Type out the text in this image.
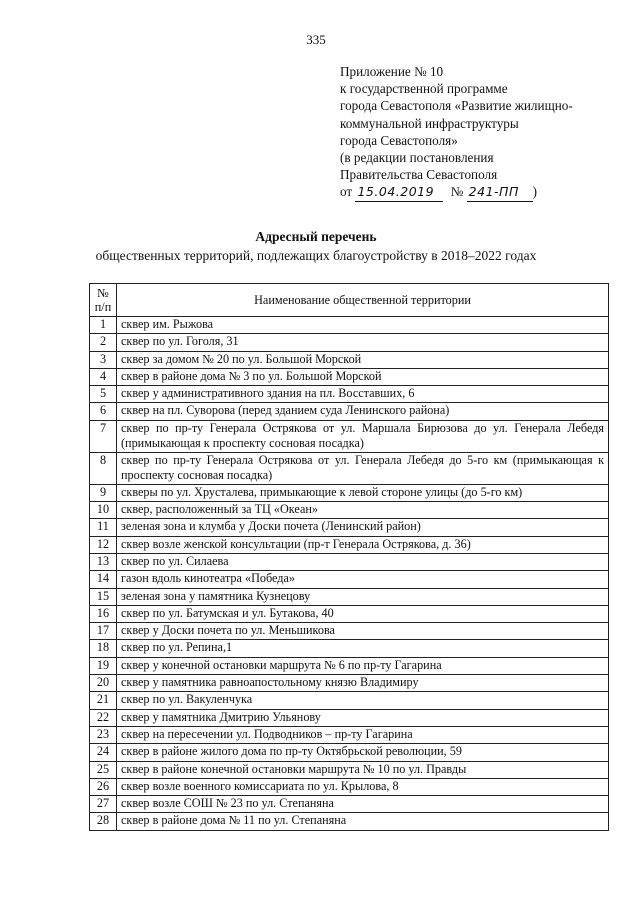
335
Приложение № 10
к государственной программе
города Севастополя «Развитие жилищно-
коммунальной инфраструктуры
города Севастополя»
(в редакции постановления
Правительства Севастополя
от 15.04.2019 № 241-ПП )
Адресный перечень
общественных территорий, подлежащих благоустройству в 2018–2022 годах
№
п/п	Наименование общественной территории
1	сквер им. Рыжова
2	сквер по ул. Гоголя, 31
3	сквер за домом № 20 по ул. Большой Морской
4	сквер в районе дома № 3 по ул. Большой Морской
5	сквер у административного здания на пл. Восставших, 6
6	сквер на пл. Суворова (перед зданием суда Ленинского района)
7	сквер по пр-ту Генерала Острякова от ул. Маршала Бирюзова до ул. Генерала Лебедя (примыкающая к проспекту сосновая посадка)
8	сквер по пр-ту Генерала Острякова от ул. Генерала Лебедя до 5-го км (примыкающая к проспекту сосновая посадка)
9	скверы по ул. Хрусталева, примыкающие к левой стороне улицы (до 5-го км)
10	сквер, расположенный за ТЦ «Океан»
11	зеленая зона и клумба у Доски почета (Ленинский район)
12	сквер возле женской консультации (пр-т Генерала Острякова, д. 36)
13	сквер по ул. Силаева
14	газон вдоль кинотеатра «Победа»
15	зеленая зона у памятника Кузнецову
16	сквер по ул. Батумская и ул. Бутакова, 40
17	сквер у Доски почета по ул. Меньшикова
18	сквер по ул. Репина,1
19	сквер у конечной остановки маршрута № 6 по пр-ту Гагарина
20	сквер у памятника равноапостольному князю Владимиру
21	сквер по ул. Вакуленчука
22	сквер у памятника Дмитрию Ульянову
23	сквер на пересечении ул. Подводников – пр-ту Гагарина
24	сквер в районе жилого дома по пр-ту Октябрьской революции, 59
25	сквер в районе конечной остановки маршрута № 10 по ул. Правды
26	сквер возле военного комиссариата по ул. Крылова, 8
27	сквер возле СОШ № 23 по ул. Степаняна
28	сквер в районе дома № 11 по ул. Степаняна
